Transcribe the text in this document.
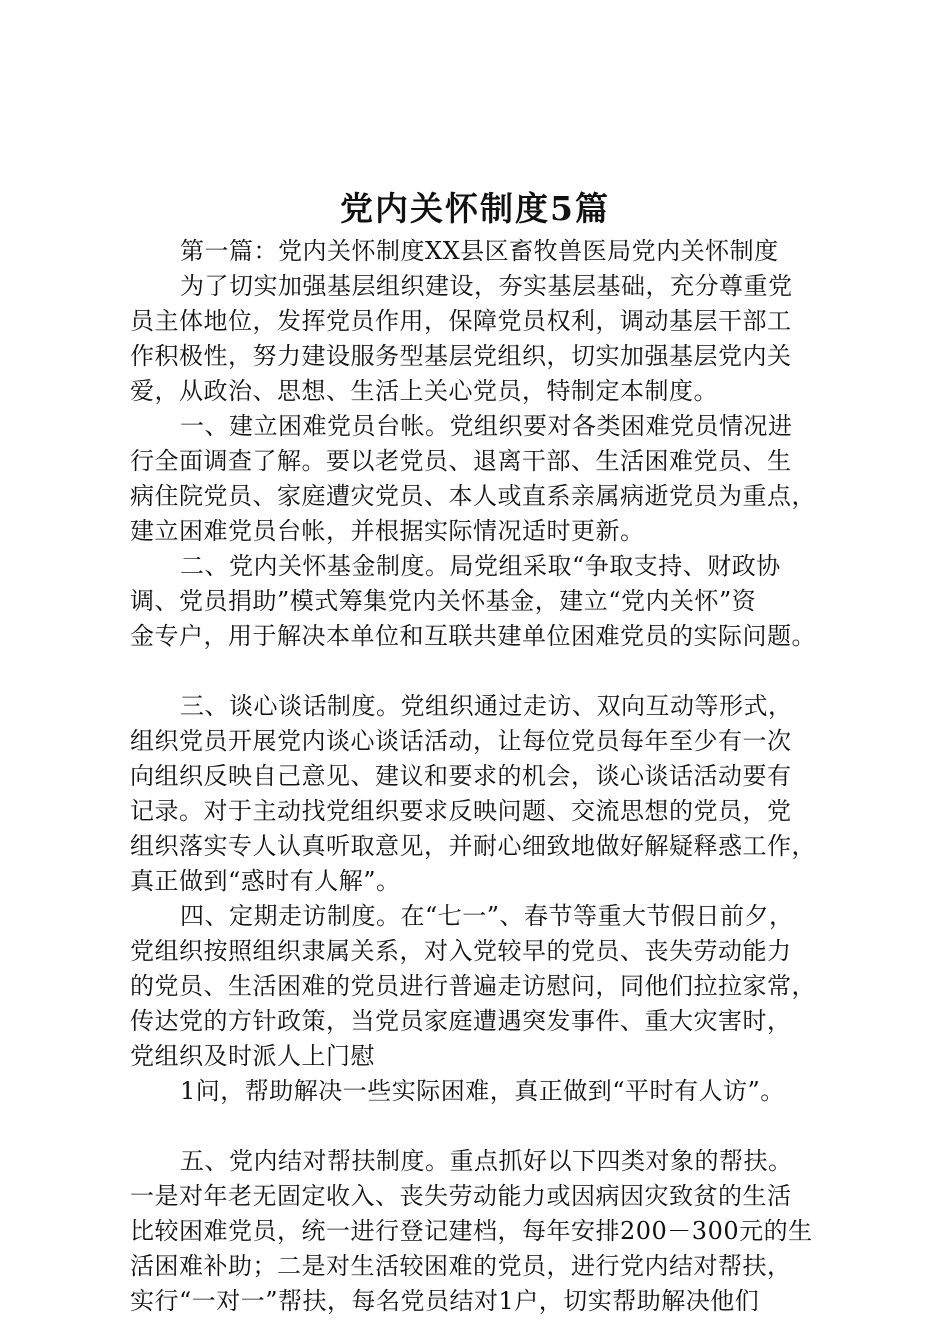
党内关怀制度5篇
第一篇：党内关怀制度XX县区畜牧兽医局党内关怀制度
为了切实加强基层组织建设，夯实基层基础，充分尊重党
员主体地位，发挥党员作用，保障党员权利，调动基层干部工
作积极性，努力建设服务型基层党组织，切实加强基层党内关
爱，从政治、思想、生活上关心党员，特制定本制度。
一、建立困难党员台帐。党组织要对各类困难党员情况进
行全面调查了解。要以老党员、退离干部、生活困难党员、生
病住院党员、家庭遭灾党员、本人或直系亲属病逝党员为重点，
建立困难党员台帐，并根据实际情况适时更新。
二、党内关怀基金制度。局党组采取“争取支持、财政协
调、党员捐助”模式筹集党内关怀基金，建立“党内关怀”资
金专户，用于解决本单位和互联共建单位困难党员的实际问题。
三、谈心谈话制度。党组织通过走访、双向互动等形式，
组织党员开展党内谈心谈话活动，让每位党员每年至少有一次
向组织反映自己意见、建议和要求的机会，谈心谈话活动要有
记录。对于主动找党组织要求反映问题、交流思想的党员，党
组织落实专人认真听取意见，并耐心细致地做好解疑释惑工作，
真正做到“惑时有人解”。
四、定期走访制度。在“七一”、春节等重大节假日前夕，
党组织按照组织隶属关系，对入党较早的党员、丧失劳动能力
的党员、生活困难的党员进行普遍走访慰问，同他们拉拉家常，
传达党的方针政策，当党员家庭遭遇突发事件、重大灾害时，
党组织及时派人上门慰
1问，帮助解决一些实际困难，真正做到“平时有人访”。
五、党内结对帮扶制度。重点抓好以下四类对象的帮扶。
一是对年老无固定收入、丧失劳动能力或因病因灾致贫的生活
比较困难党员，统一进行登记建档，每年安排200－300元的生
活困难补助；二是对生活较困难的党员，进行党内结对帮扶，
实行“一对一”帮扶，每名党员结对1户，切实帮助解决他们
